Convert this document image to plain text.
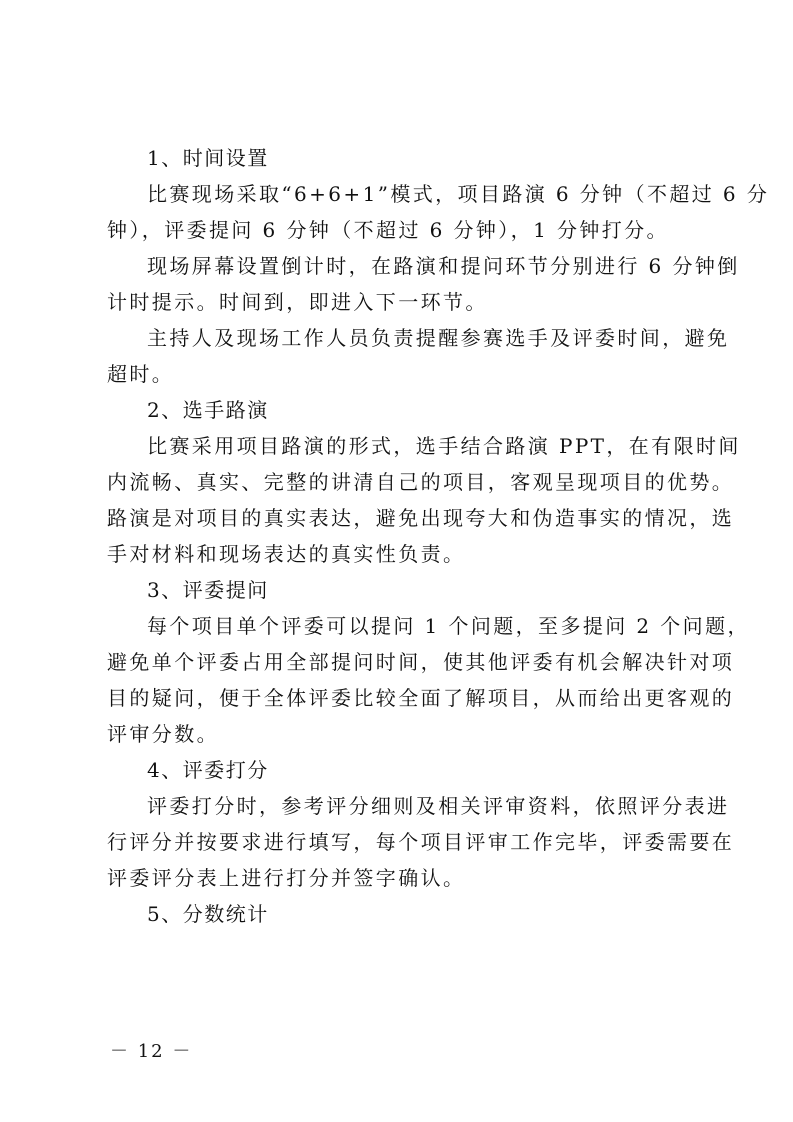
1、时间设置

比赛现场采取“6+6+1”模式，项目路演 6 分钟（不超过 6 分

钟），评委提问 6 分钟（不超过 6 分钟），1 分钟打分。

现场屏幕设置倒计时，在路演和提问环节分别进行 6 分钟倒

计时提示。时间到，即进入下一环节。

主持人及现场工作人员负责提醒参赛选手及评委时间，避免

超时。

2、选手路演

比赛采用项目路演的形式，选手结合路演 PPT，在有限时间

内流畅、真实、完整的讲清自己的项目，客观呈现项目的优势。

路演是对项目的真实表达，避免出现夸大和伪造事实的情况，选

手对材料和现场表达的真实性负责。

3、评委提问

每个项目单个评委可以提问 1 个问题，至多提问 2 个问题，

避免单个评委占用全部提问时间，使其他评委有机会解决针对项

目的疑问，便于全体评委比较全面了解项目，从而给出更客观的

评审分数。

4、评委打分

评委打分时，参考评分细则及相关评审资料，依照评分表进

行评分并按要求进行填写，每个项目评审工作完毕，评委需要在

评委评分表上进行打分并签字确认。

5、分数统计

－ 12 －
